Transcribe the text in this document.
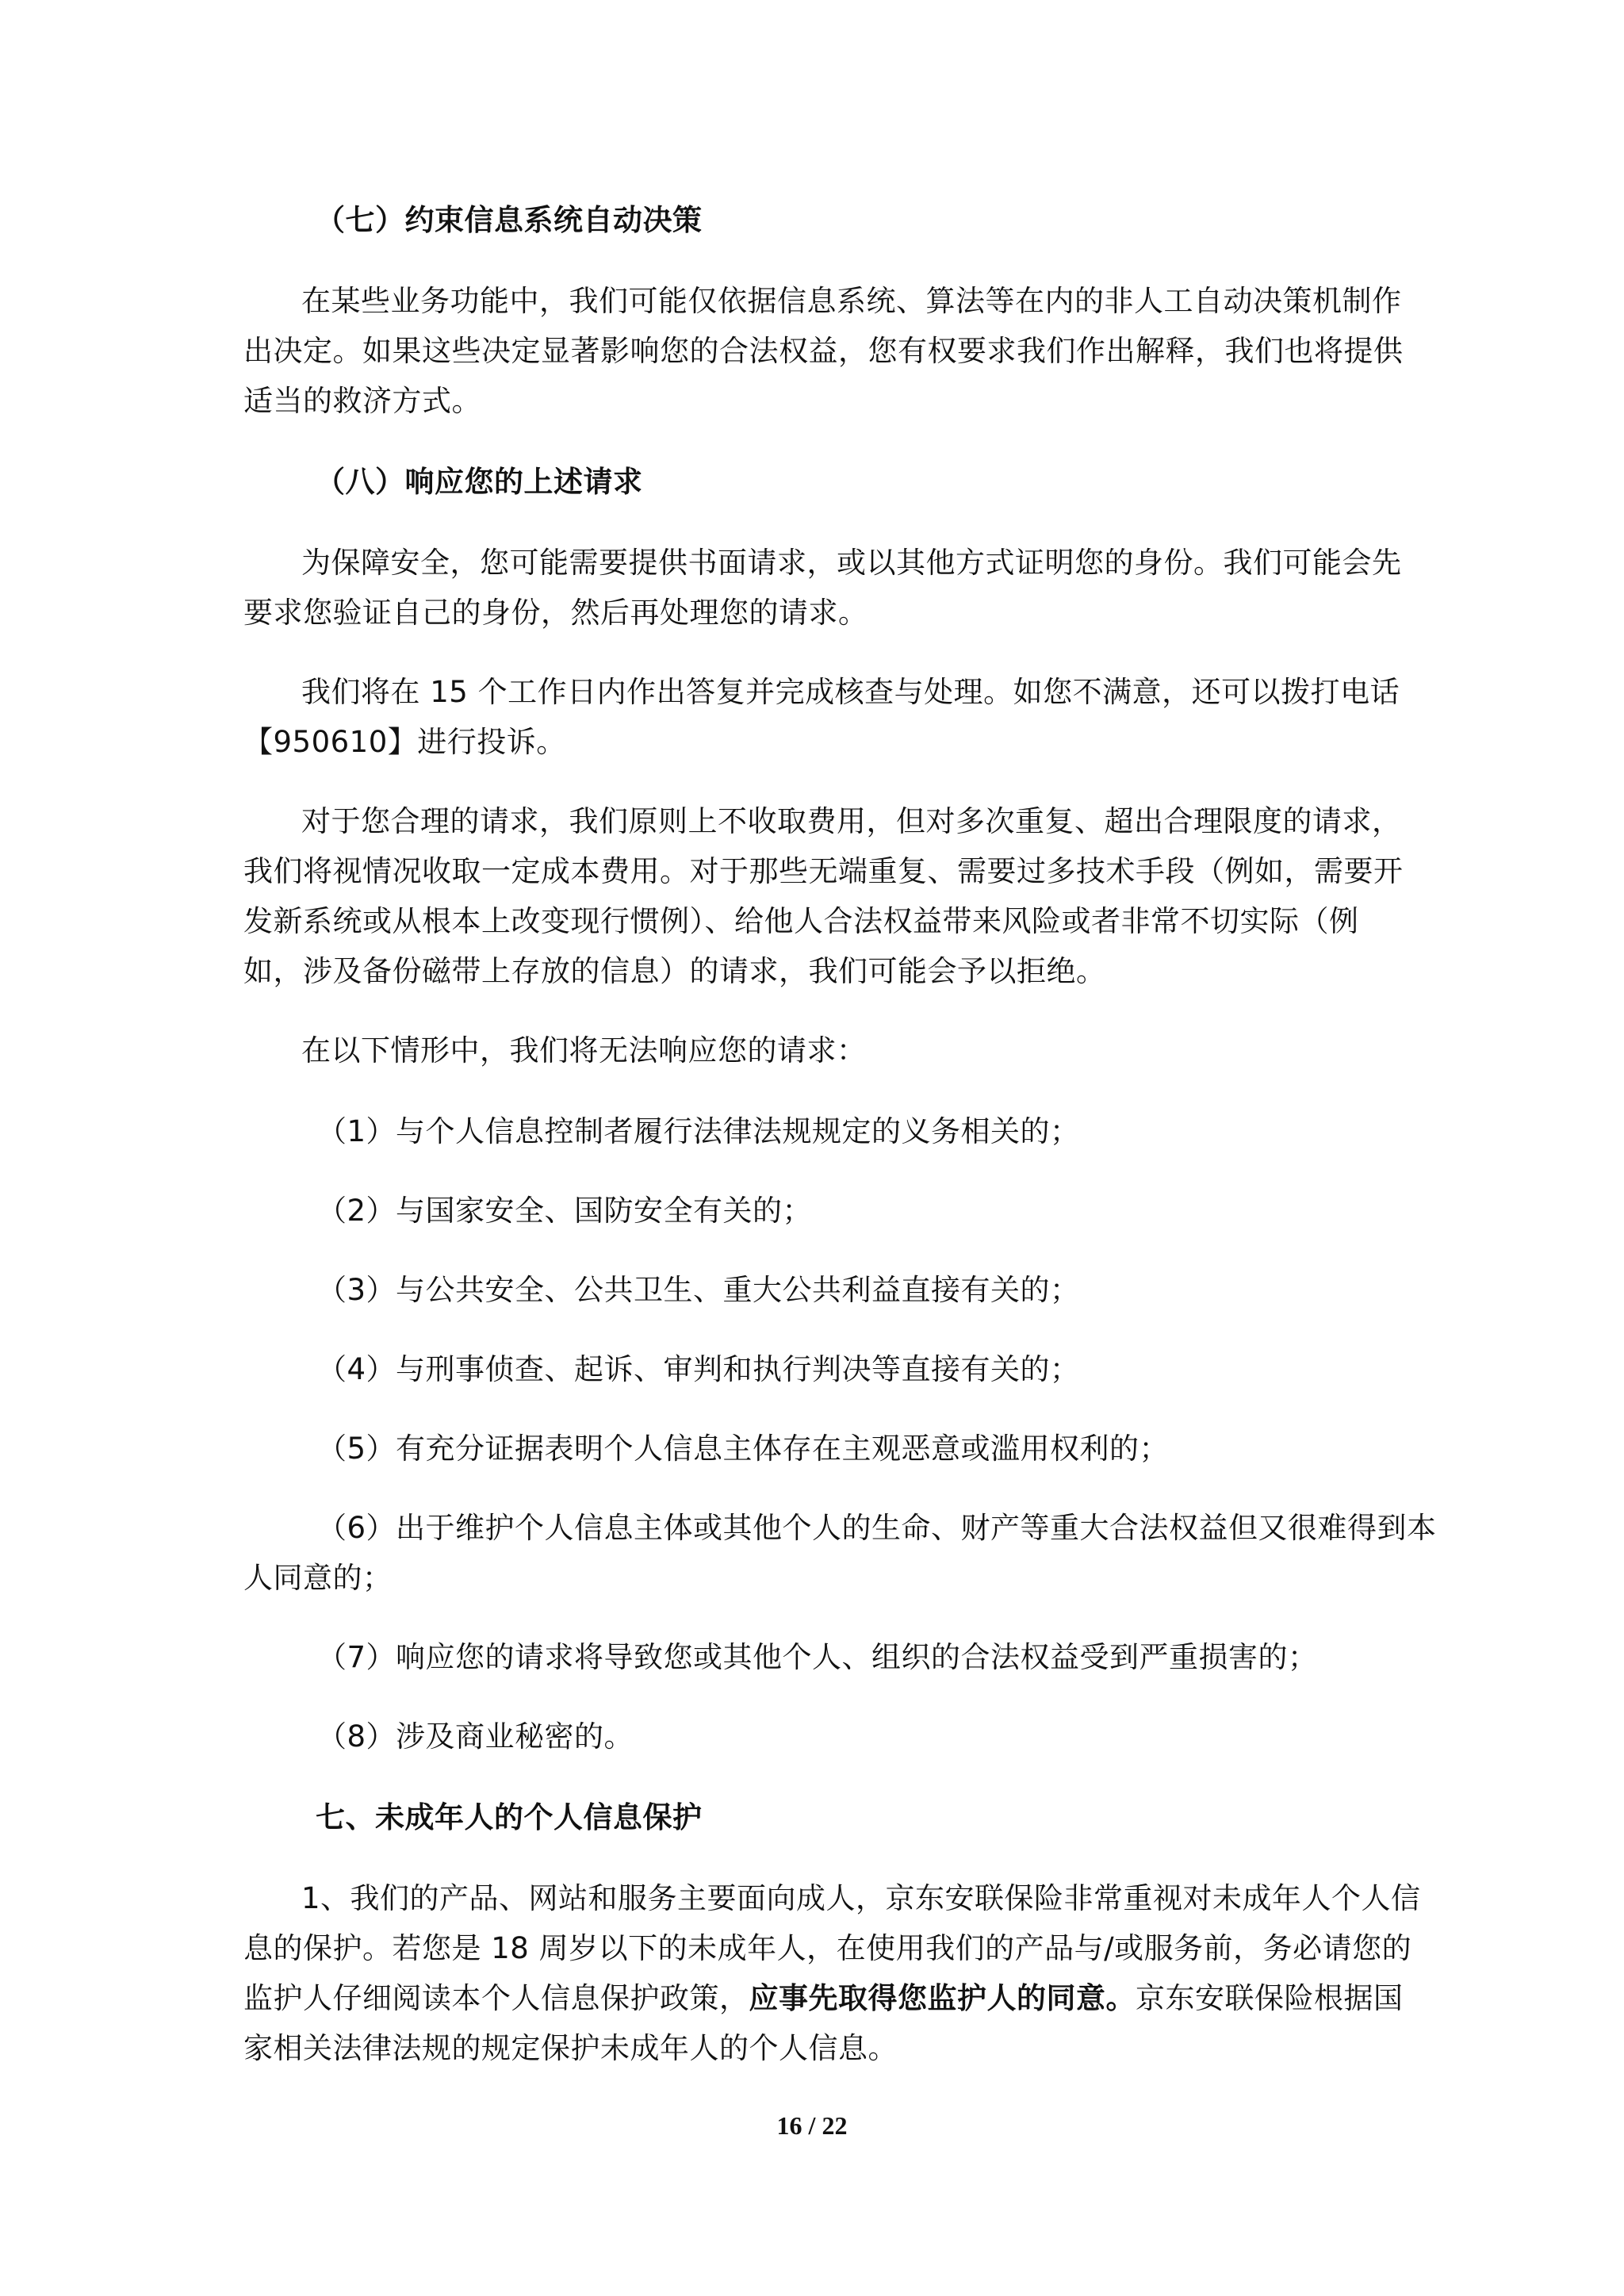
（七）约束信息系统自动决策
在某些业务功能中，我们可能仅依据信息系统、算法等在内的非人工自动决策机制作
出决定。如果这些决定显著影响您的合法权益，您有权要求我们作出解释，我们也将提供
适当的救济方式。
（八）响应您的上述请求
为保障安全，您可能需要提供书面请求，或以其他方式证明您的身份。我们可能会先
要求您验证自己的身份，然后再处理您的请求。
我们将在 15 个工作日内作出答复并完成核查与处理。如您不满意，还可以拨打电话
【950610】进行投诉。
对于您合理的请求，我们原则上不收取费用，但对多次重复、超出合理限度的请求，
我们将视情况收取一定成本费用。对于那些无端重复、需要过多技术手段（例如，需要开
发新系统或从根本上改变现行惯例）、给他人合法权益带来风险或者非常不切实际（例
如，涉及备份磁带上存放的信息）的请求，我们可能会予以拒绝。
在以下情形中，我们将无法响应您的请求：
（1）与个人信息控制者履行法律法规规定的义务相关的；
（2）与国家安全、国防安全有关的；
（3）与公共安全、公共卫生、重大公共利益直接有关的；
（4）与刑事侦查、起诉、审判和执行判决等直接有关的；
（5）有充分证据表明个人信息主体存在主观恶意或滥用权利的；
（6）出于维护个人信息主体或其他个人的生命、财产等重大合法权益但又很难得到本
人同意的；
（7）响应您的请求将导致您或其他个人、组织的合法权益受到严重损害的；
（8）涉及商业秘密的。
七、未成年人的个人信息保护
1、我们的产品、网站和服务主要面向成人，京东安联保险非常重视对未成年人个人信
息的保护。若您是 18 周岁以下的未成年人，在使用我们的产品与/或服务前，务必请您的
监护人仔细阅读本个人信息保护政策，应事先取得您监护人的同意。京东安联保险根据国
家相关法律法规的规定保护未成年人的个人信息。
16 / 22
